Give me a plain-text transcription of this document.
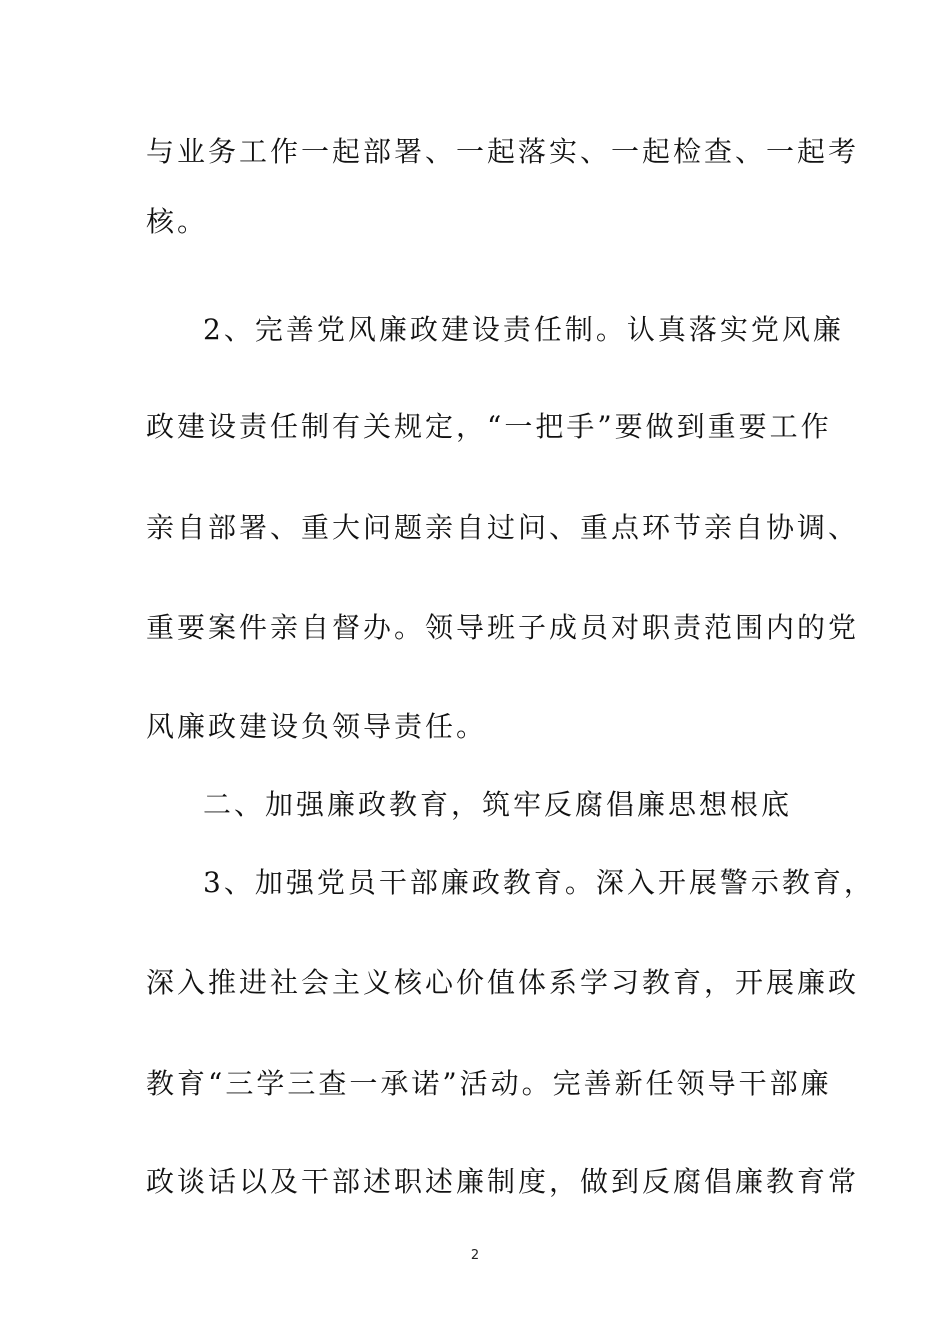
与业务工作一起部署、一起落实、一起检查、一起考
核。
2、完善党风廉政建设责任制。认真落实党风廉
政建设责任制有关规定，“一把手”要做到重要工作
亲自部署、重大问题亲自过问、重点环节亲自协调、
重要案件亲自督办。领导班子成员对职责范围内的党
风廉政建设负领导责任。
二、加强廉政教育，筑牢反腐倡廉思想根底
3、加强党员干部廉政教育。深入开展警示教育，
深入推进社会主义核心价值体系学习教育，开展廉政
教育“三学三查一承诺”活动。完善新任领导干部廉
政谈话以及干部述职述廉制度，做到反腐倡廉教育常
2
